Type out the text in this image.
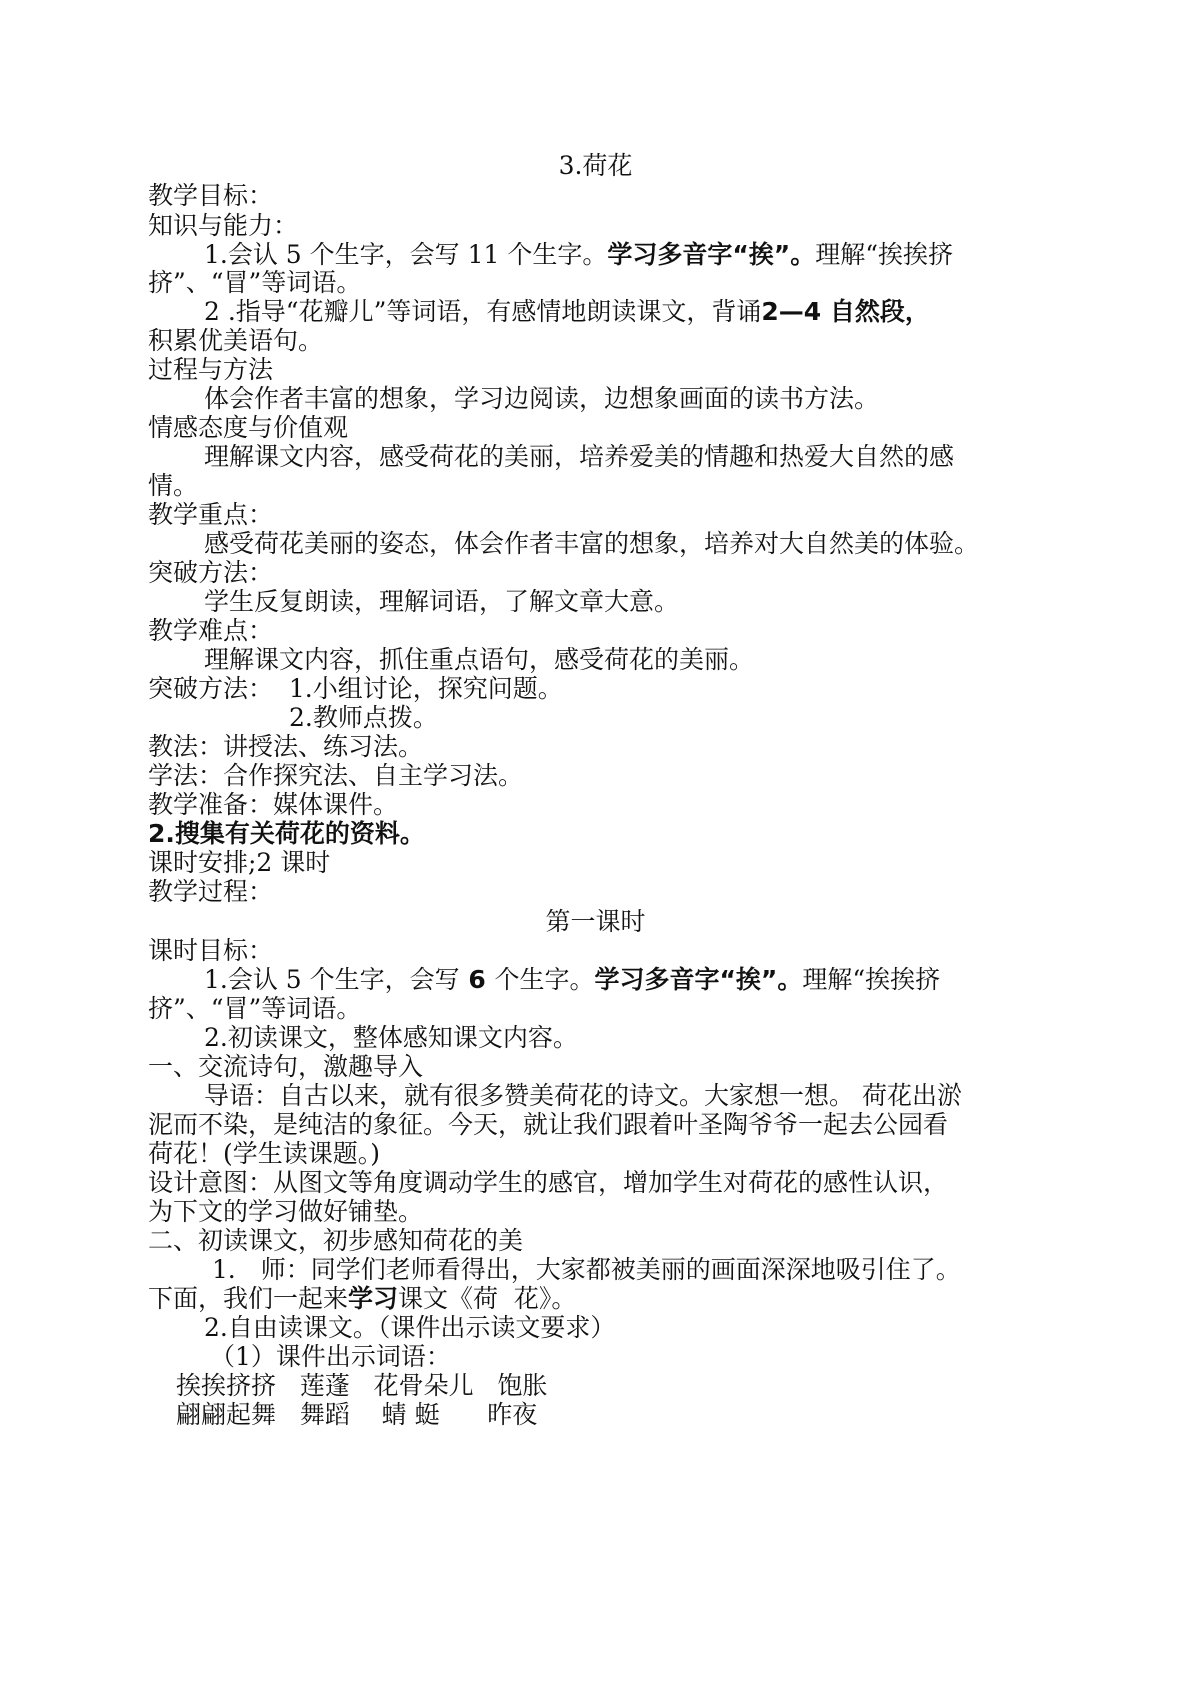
3.荷花

教学目标：

知识与能力：

1.会认 5 个生字，会写 11 个生字。学习多音字“挨”。理解“挨挨挤

挤”、“冒”等词语。

2 .指导“花瓣儿”等词语，有感情地朗读课文，背诵2—4 自然段，

积累优美语句。

过程与方法

体会作者丰富的想象，学习边阅读，边想象画面的读书方法。

情感态度与价值观

理解课文内容，感受荷花的美丽，培养爱美的情趣和热爱大自然的感

情。

教学重点：

感受荷花美丽的姿态，体会作者丰富的想象，培养对大自然美的体验。

突破方法：

学生反复朗读，理解词语，了解文章大意。

教学难点：

理解课文内容，抓住重点语句，感受荷花的美丽。

突破方法：  1.小组讨论，探究问题。

2.教师点拨。

教法：讲授法、练习法。

学法：合作探究法、自主学习法。

教学准备：媒体课件。

2.搜集有关荷花的资料。

课时安排;2 课时

教学过程：

第一课时

课时目标：

1.会认 5 个生字，会写 6 个生字。学习多音字“挨”。理解“挨挨挤

挤”、“冒”等词语。

2.初读课文，整体感知课文内容。

一、交流诗句，激趣导入

导语：自古以来，就有很多赞美荷花的诗文。大家想一想。 荷花出淤

泥而不染，是纯洁的象征。今天，就让我们跟着叶圣陶爷爷一起去公园看

荷花！(学生读课题。)

设计意图：从图文等角度调动学生的感官，增加学生对荷花的感性认识，

为下文的学习做好铺垫。

二、初读课文，初步感知荷花的美

1． 师：同学们老师看得出，大家都被美丽的画面深深地吸引住了。

下面，我们一起来学习课文《荷  花》。

2.自由读课文。（课件出示读文要求）

（1）课件出示词语：

挨挨挤挤   莲蓬   花骨朵儿   饱胀

翩翩起舞   舞蹈    蜻 蜓      昨夜
